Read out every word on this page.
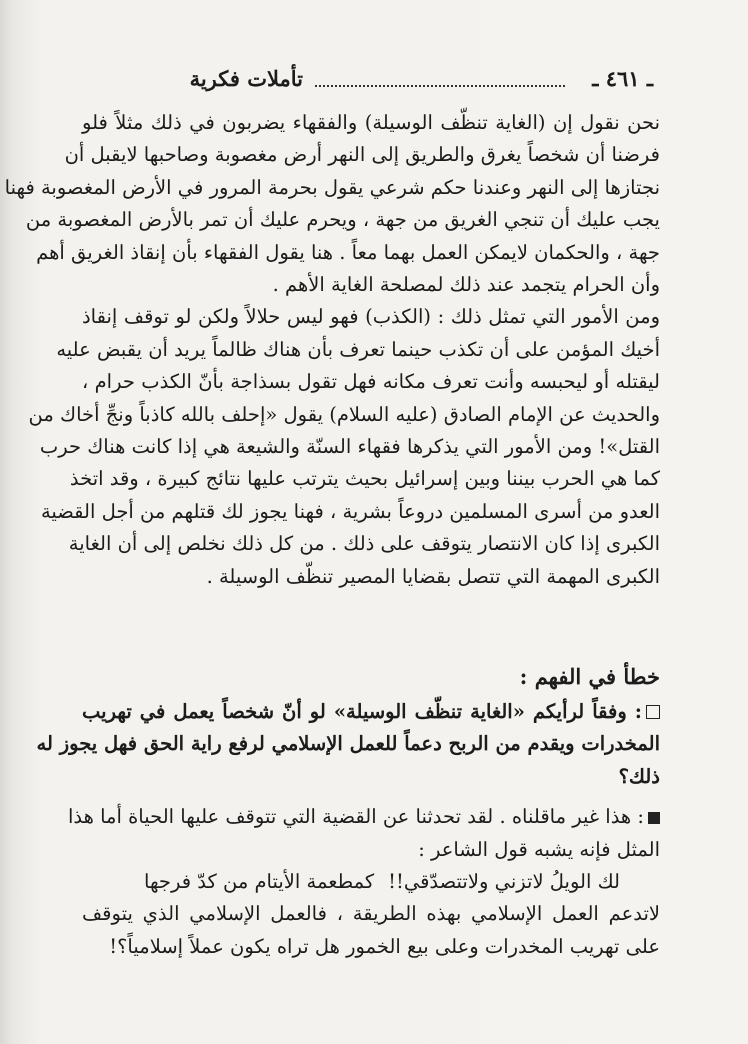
ـ ٤٦١ ـ
تأملات فكرية
نحن نقول إن (الغاية تنظّف الوسيلة) والفقهاء يضربون في ذلك مثلاً فلو
فرضنا أن شخصاً يغرق والطريق إلى النهر أرض مغصوبة وصاحبها لايقبل أن
نجتازها إلى النهر وعندنا حكم شرعي يقول بحرمة المرور في الأرض المغصوبة فهنا
يجب عليك أن تنجي الغريق من جهة ، ويحرم عليك أن تمر بالأرض المغصوبة من
جهة ، والحكمان لايمكن العمل بهما معاً . هنا يقول الفقهاء بأن إنقاذ الغريق أهم
وأن الحرام يتجمد عند ذلك لمصلحة الغاية الأهم .
ومن الأمور التي تمثل ذلك : (الكذب) فهو ليس حلالاً ولكن لو توقف إنقاذ
أخيك المؤمن على أن تكذب حينما تعرف بأن هناك ظالماً يريد أن يقبض عليه
ليقتله أو ليحبسه وأنت تعرف مكانه فهل تقول بسذاجة بأنّ الكذب حرام ،
والحديث عن الإمام الصادق (عليه السلام) يقول «إحلف بالله كاذباً ونجِّ أخاك من
القتل»! ومن الأمور التي يذكرها فقهاء السنّة والشيعة هي إذا كانت هناك حرب
كما هي الحرب بيننا وبين إسرائيل بحيث يترتب عليها نتائج كبيرة ، وقد اتخذ
العدو من أسرى المسلمين دروعاً بشرية ، فهنا يجوز لك قتلهم من أجل القضية
الكبرى إذا كان الانتصار يتوقف على ذلك . من كل ذلك نخلص إلى أن الغاية
الكبرى المهمة التي تتصل بقضايا المصير تنظّف الوسيلة .
خطأ في الفهم :
: وفقاً لرأيكم «الغاية تنظّف الوسيلة» لو أنّ شخصاً يعمل في تهريب
المخدرات ويقدم من الربح دعماً للعمل الإسلامي لرفع راية الحق فهل يجوز له
ذلك؟
: هذا غير ماقلناه . لقد تحدثنا عن القضية التي تتوقف عليها الحياة أما هذا
المثل فإنه يشبه قول الشاعر :
لك الويلُ لاتزني ولاتتصدّقي!!
كمطعمة الأيتام من كدّ فرجها
لاتدعم العمل الإسلامي بهذه الطريقة ، فالعمل الإسلامي الذي يتوقف
على تهريب المخدرات وعلى بيع الخمور هل تراه يكون عملاً إسلامياً؟!
